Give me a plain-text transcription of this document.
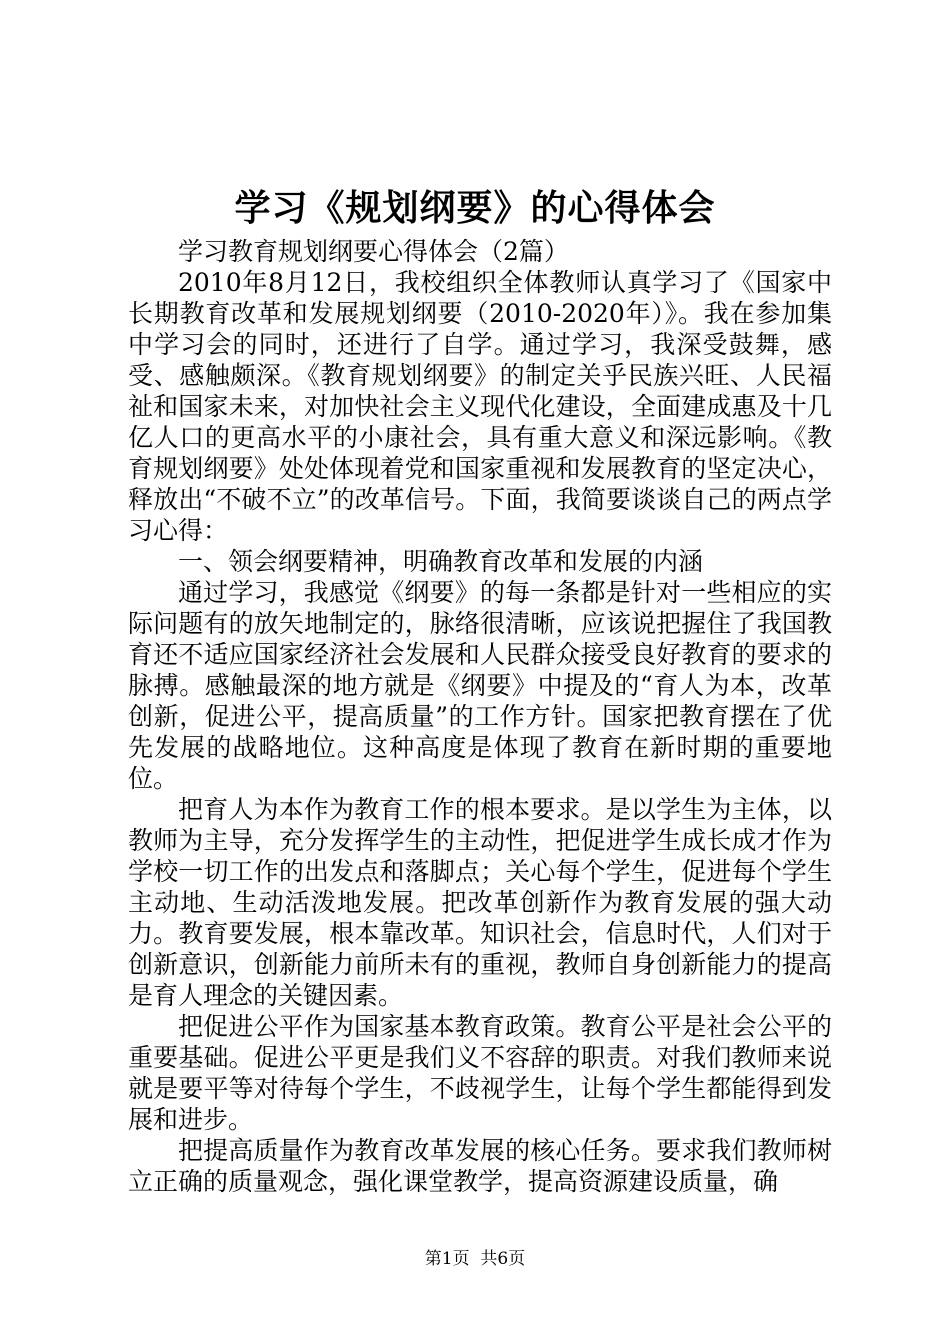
学习《规划纲要》的心得体会

学习教育规划纲要心得体会（2篇）

2010年8月12日，我校组织全体教师认真学习了《国家中长期教育改革和发展规划纲要（2010-2020年）》。我在参加集中学习会的同时，还进行了自学。通过学习，我深受鼓舞，感受、感触颇深。《教育规划纲要》的制定关乎民族兴旺、人民福祉和国家未来，对加快社会主义现代化建设，全面建成惠及十几亿人口的更高水平的小康社会，具有重大意义和深远影响。《教育规划纲要》处处体现着党和国家重视和发展教育的坚定决心，释放出“不破不立”的改革信号。下面，我简要谈谈自己的两点学习心得：

一、领会纲要精神，明确教育改革和发展的内涵

通过学习，我感觉《纲要》的每一条都是针对一些相应的实际问题有的放矢地制定的，脉络很清晰，应该说把握住了我国教育还不适应国家经济社会发展和人民群众接受良好教育的要求的脉搏。感触最深的地方就是《纲要》中提及的“育人为本，改革创新，促进公平，提高质量”的工作方针。国家把教育摆在了优先发展的战略地位。这种高度是体现了教育在新时期的重要地位。

把育人为本作为教育工作的根本要求。是以学生为主体，以教师为主导，充分发挥学生的主动性，把促进学生成长成才作为学校一切工作的出发点和落脚点；关心每个学生，促进每个学生主动地、生动活泼地发展。把改革创新作为教育发展的强大动力。教育要发展，根本靠改革。知识社会，信息时代，人们对于创新意识，创新能力前所未有的重视，教师自身创新能力的提高是育人理念的关键因素。

把促进公平作为国家基本教育政策。教育公平是社会公平的重要基础。促进公平更是我们义不容辞的职责。对我们教师来说就是要平等对待每个学生，不歧视学生，让每个学生都能得到发展和进步。

把提高质量作为教育改革发展的核心任务。要求我们教师树立正确的质量观念，强化课堂教学，提高资源建设质量，确

第1页 共6页
